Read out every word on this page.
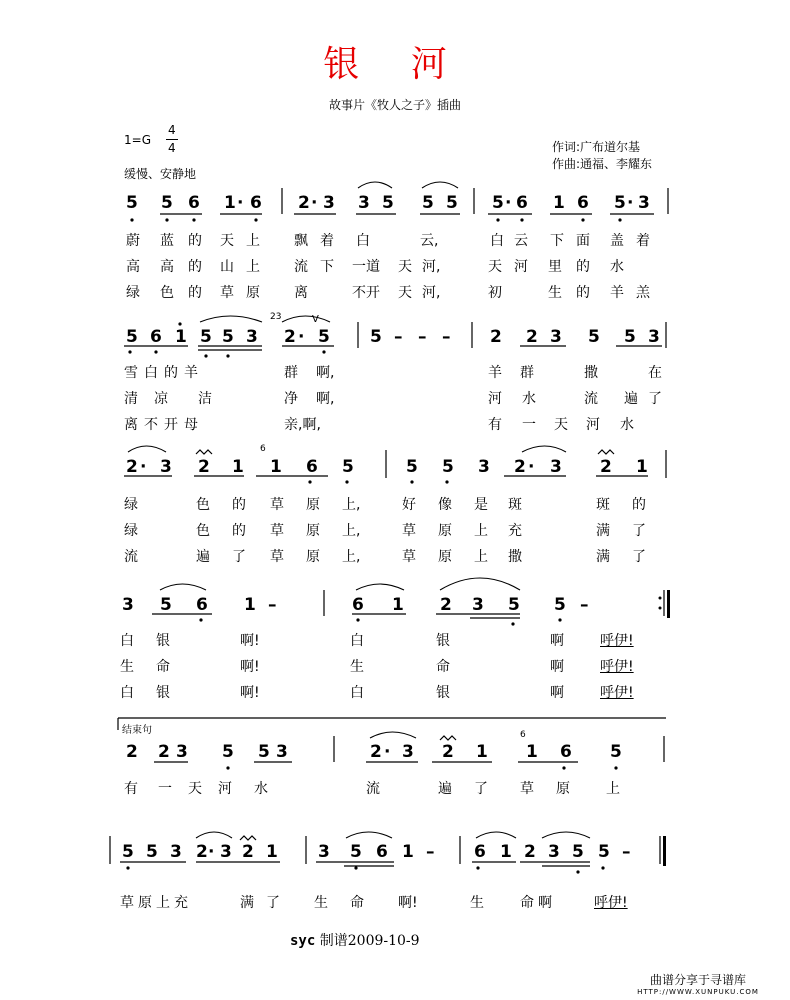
银 河
故事片《牧人之子》插曲
1=G
4
4
缓慢、安静地
作词:广布道尔基
作曲:通福、李耀东
5 5 6 1 · 6 2 · 3 3 5 5 5 5 · 6 1 6 5 · 3
蔚 蓝 的 天 上 飘 着 白	云,	白 云 下 面 盖 着
高 高 的 山 上 流 下 一道 天 河,	天 河 里 的 水
绿 色 的 草 原 离	不开 天 河,	初	生 的 羊 羔
23	V
5 6 1 5 5 3 2 · 5 5 – – – 2 2 3 5 5 3
雪 白 的 羊	群 啊,	羊 群	撒	在
清 凉 洁	净 啊,	河 水	流 遍 了
离 不 开 母	亲,啊,	有 一 天 河 水
6
2 · 3 2 1 1 6 5	5 5 3 2 · 3 2 1
绿	色 的 草 原 上,	好 像 是 斑	斑 的
绿	色 的 草 原 上,	草 原 上 充	满 了
流	遍 了 草 原 上,	草 原 上 撒	满 了
3 5 6 1 –	6 1 2 3 5 5 –
白 银	啊!	白	银	啊	呼伊!
生 命	啊!	生	命	啊	呼伊!
白 银	啊!	白	银	啊	呼伊!
结束句	6
2 2 3 5 5 3	2 · 3 2 1 1 6 5
有 一 天 河 水	流	遍 了 草 原	上
5 5 3 2 · 3 2 1 3 5 6 1 – 6 1 2 3 5 5 –
草原上充	满 了 生 命 啊!	生	命啊	呼伊!
syc 制谱2009-10-9
曲谱分享于寻谱库
HTTP://WWW.XUNPUKU.COM
